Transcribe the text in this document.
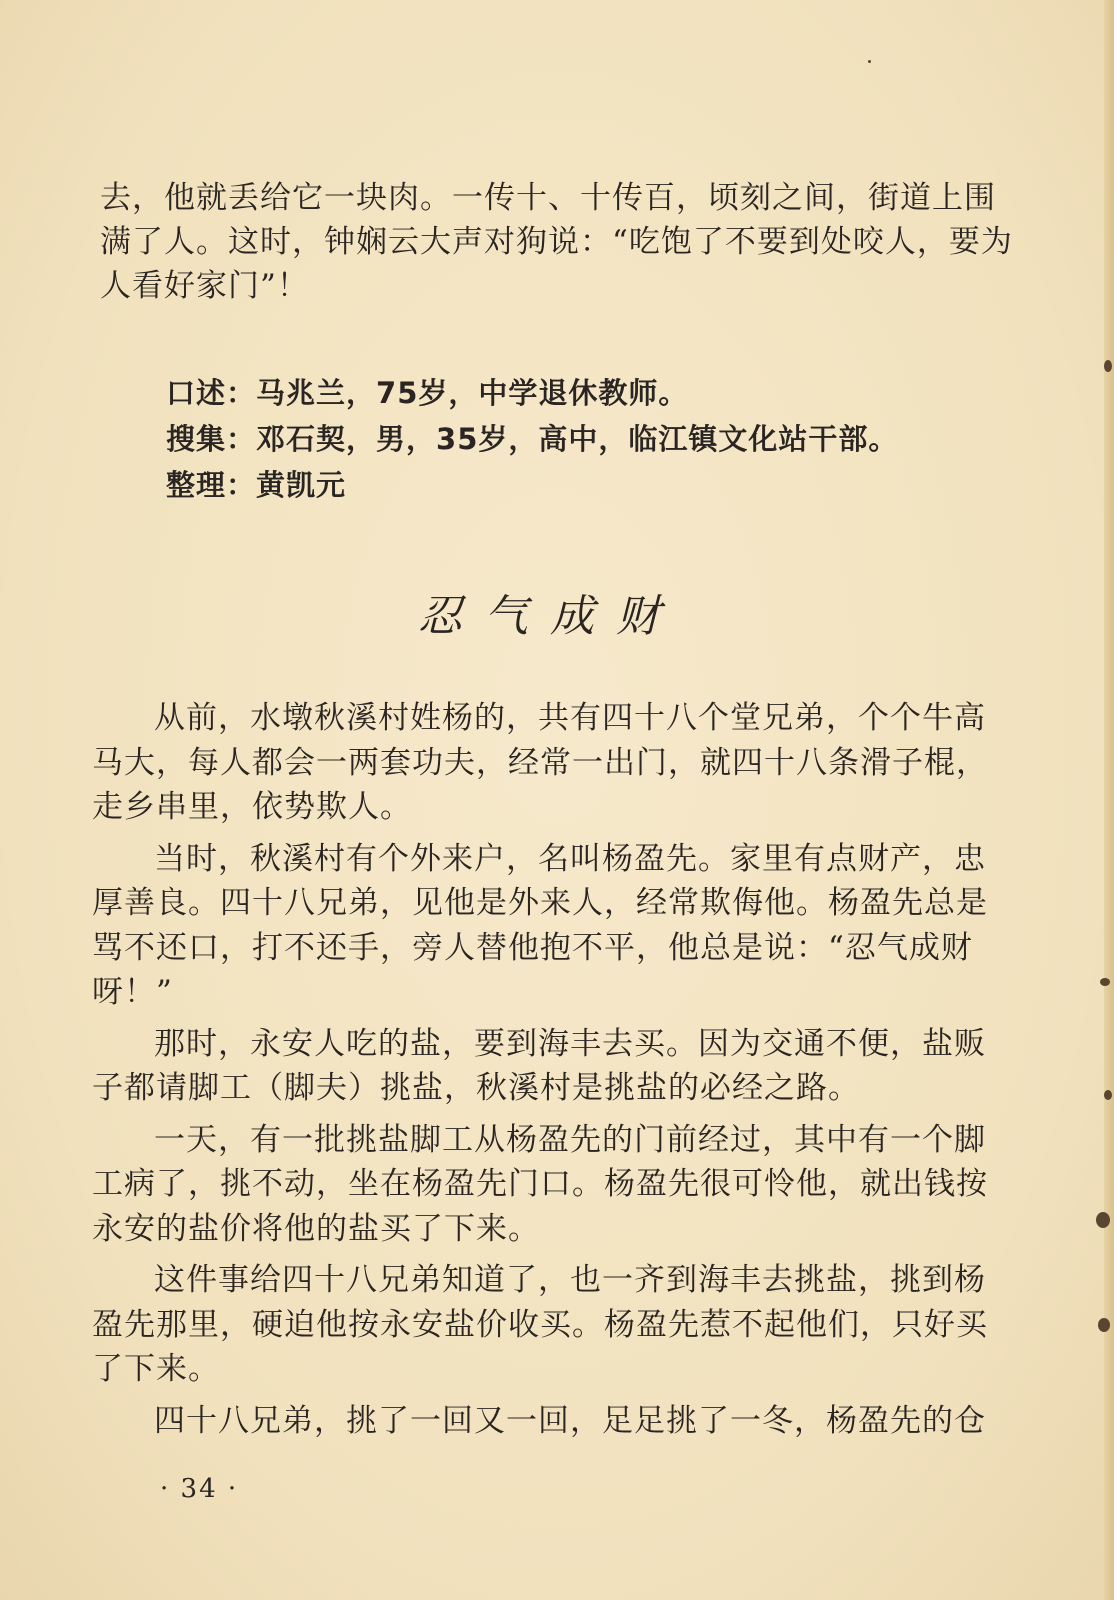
去，他就丢给它一块肉。一传十、十传百，顷刻之间，街道上围满了人。这时，钟娴云大声对狗说：“吃饱了不要到处咬人，要为人看好家门”！

口述：马兆兰，75岁，中学退休教师。

搜集：邓石契，男，35岁，高中，临江镇文化站干部。

整理：黄凯元

忍气成财

从前，水墩秋溪村姓杨的，共有四十八个堂兄弟，个个牛高马大，每人都会一两套功夫，经常一出门，就四十八条滑子棍，走乡串里，依势欺人。

当时，秋溪村有个外来户，名叫杨盈先。家里有点财产，忠厚善良。四十八兄弟，见他是外来人，经常欺侮他。杨盈先总是骂不还口，打不还手，旁人替他抱不平，他总是说：“忍气成财呀！”

那时，永安人吃的盐，要到海丰去买。因为交通不便，盐贩子都请脚工（脚夫）挑盐，秋溪村是挑盐的必经之路。

一天，有一批挑盐脚工从杨盈先的门前经过，其中有一个脚工病了，挑不动，坐在杨盈先门口。杨盈先很可怜他，就出钱按永安的盐价将他的盐买了下来。

这件事给四十八兄弟知道了，也一齐到海丰去挑盐，挑到杨盈先那里，硬迫他按永安盐价收买。杨盈先惹不起他们，只好买了下来。

四十八兄弟，挑了一回又一回，足足挑了一冬，杨盈先的仓

· 34 ·
